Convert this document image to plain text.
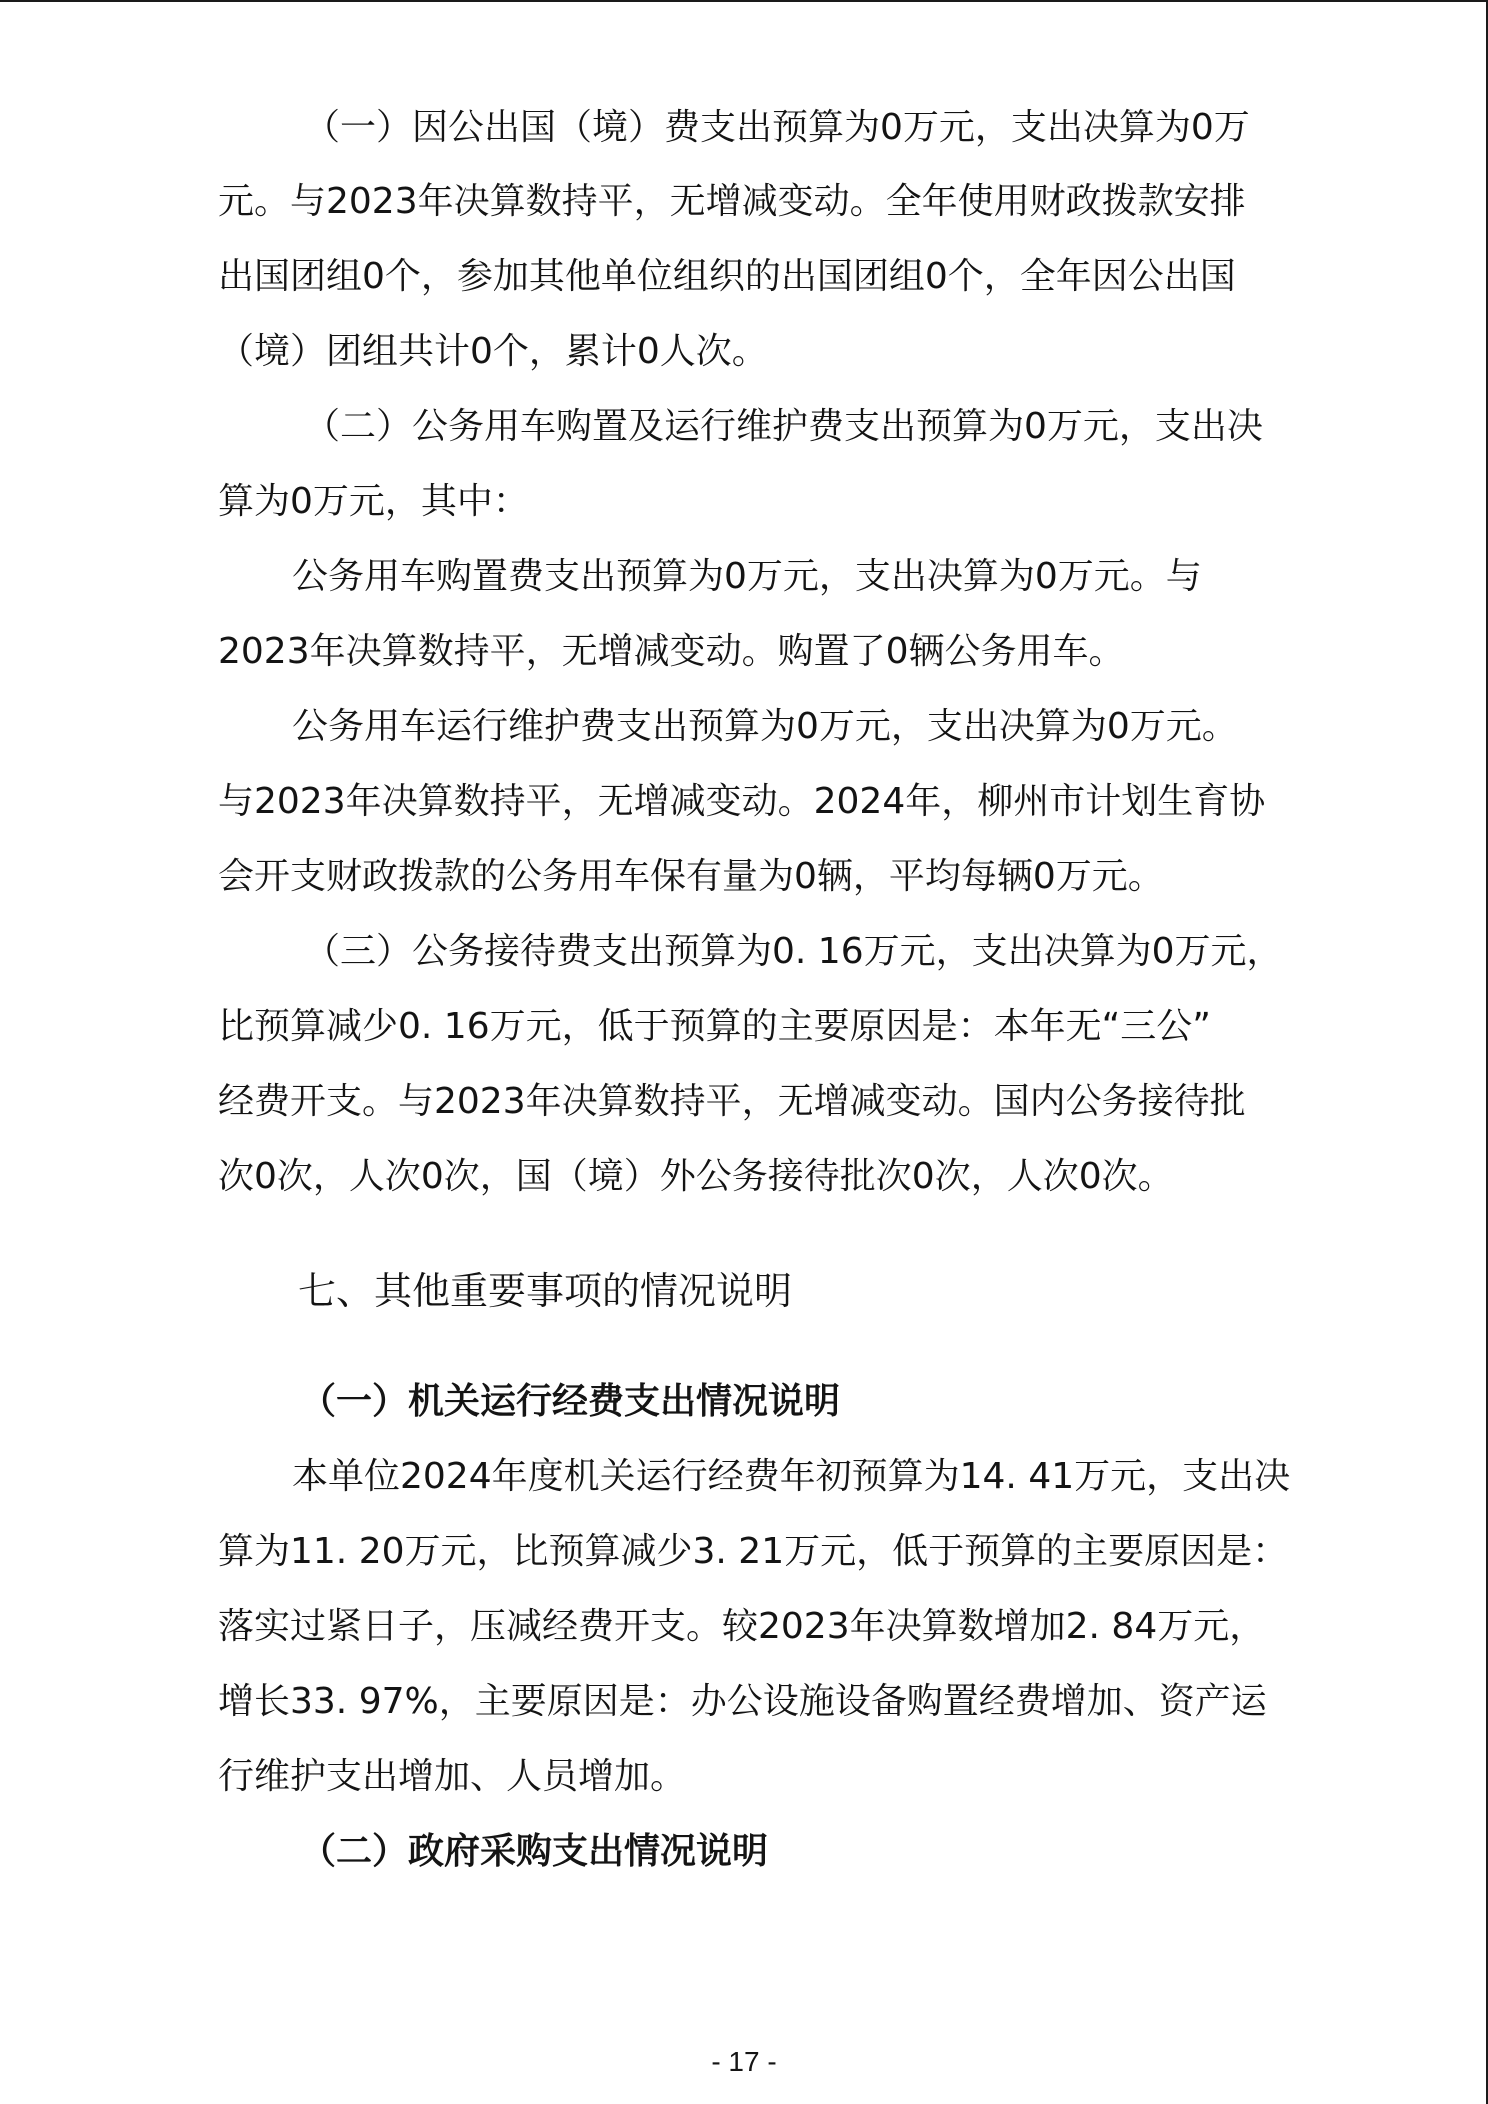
（一）因公出国（境）费支出预算为0万元，支出决算为0万
元。与2023年决算数持平，无增减变动。全年使用财政拨款安排
出国团组0个，参加其他单位组织的出国团组0个，全年因公出国
（境）团组共计0个，累计0人次。
（二）公务用车购置及运行维护费支出预算为0万元，支出决
算为0万元，其中：
公务用车购置费支出预算为0万元，支出决算为0万元。与
2023年决算数持平，无增减变动。购置了0辆公务用车。
公务用车运行维护费支出预算为0万元，支出决算为0万元。
与2023年决算数持平，无增减变动。2024年，柳州市计划生育协
会开支财政拨款的公务用车保有量为0辆，平均每辆0万元。
（三）公务接待费支出预算为0. 16万元，支出决算为0万元，
比预算减少0. 16万元，低于预算的主要原因是：本年无“三公”
经费开支。与2023年决算数持平，无增减变动。国内公务接待批
次0次，人次0次，国（境）外公务接待批次0次，人次0次。
七、其他重要事项的情况说明
（一）机关运行经费支出情况说明
本单位2024年度机关运行经费年初预算为14. 41万元，支出决
算为11. 20万元，比预算减少3. 21万元，低于预算的主要原因是：
落实过紧日子，压减经费开支。较2023年决算数增加2. 84万元，
增长33. 97%，主要原因是：办公设施设备购置经费增加、资产运
行维护支出增加、人员增加。
（二）政府采购支出情况说明
- 17 -
